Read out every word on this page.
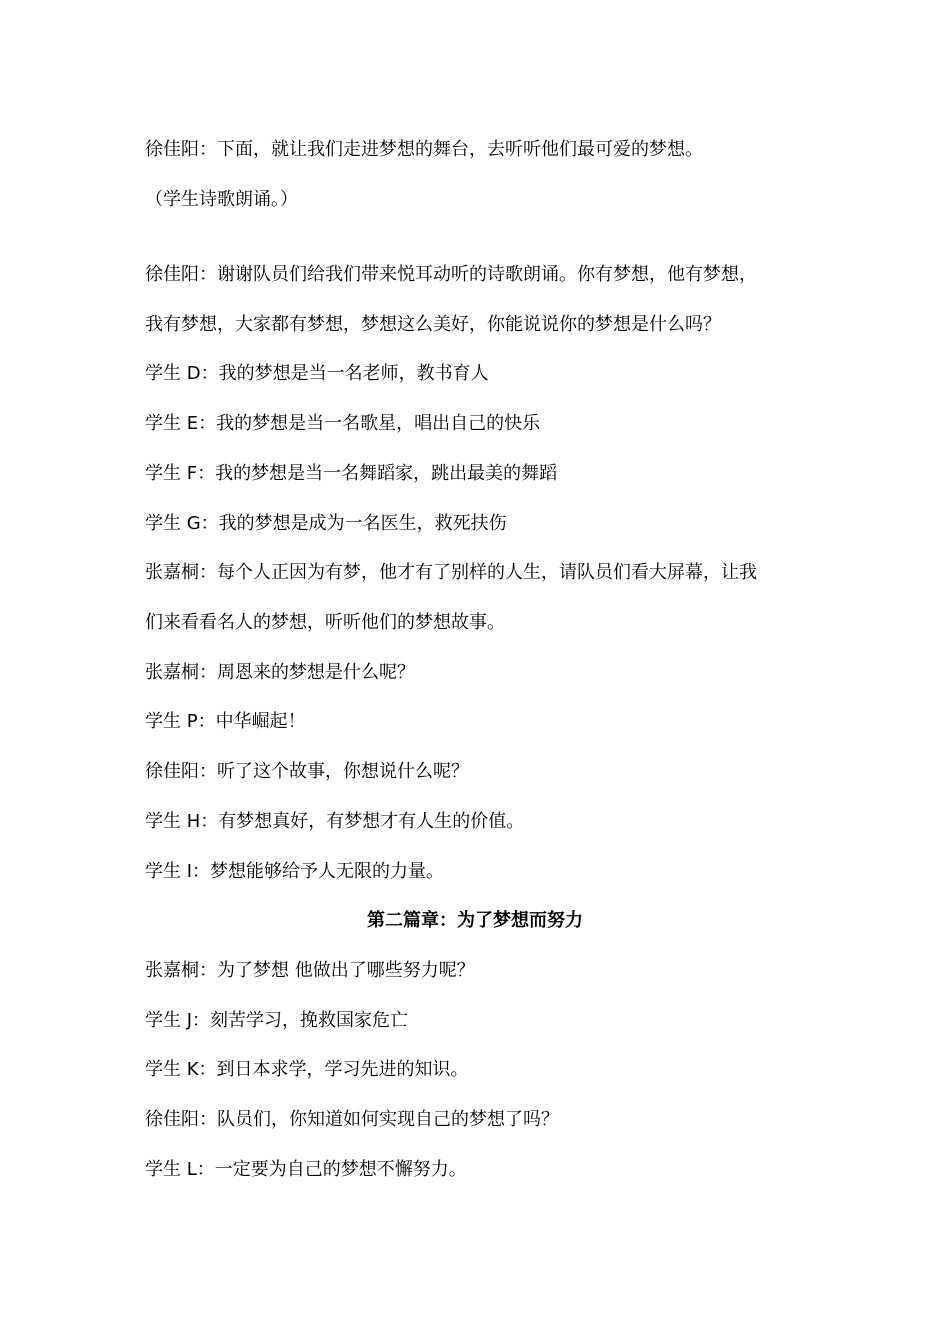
徐佳阳：下面，就让我们走进梦想的舞台，去听听他们最可爱的梦想。
（学生诗歌朗诵。）
徐佳阳：谢谢队员们给我们带来悦耳动听的诗歌朗诵。你有梦想，他有梦想，
我有梦想，大家都有梦想，梦想这么美好，你能说说你的梦想是什么吗？
学生 D：我的梦想是当一名老师，教书育人
学生 E：我的梦想是当一名歌星，唱出自己的快乐
学生 F：我的梦想是当一名舞蹈家，跳出最美的舞蹈
学生 G：我的梦想是成为一名医生，救死扶伤
张嘉桐：每个人正因为有梦，他才有了别样的人生，请队员们看大屏幕，让我
们来看看名人的梦想，听听他们的梦想故事。
张嘉桐：周恩来的梦想是什么呢？
学生 P：中华崛起！
徐佳阳：听了这个故事，你想说什么呢？
学生 H：有梦想真好，有梦想才有人生的价值。
学生 I：梦想能够给予人无限的力量。
第二篇章：为了梦想而努力
张嘉桐：为了梦想 他做出了哪些努力呢？
学生 J：刻苦学习，挽救国家危亡
学生 K：到日本求学，学习先进的知识。
徐佳阳：队员们，你知道如何实现自己的梦想了吗？
学生 L：一定要为自己的梦想不懈努力。
